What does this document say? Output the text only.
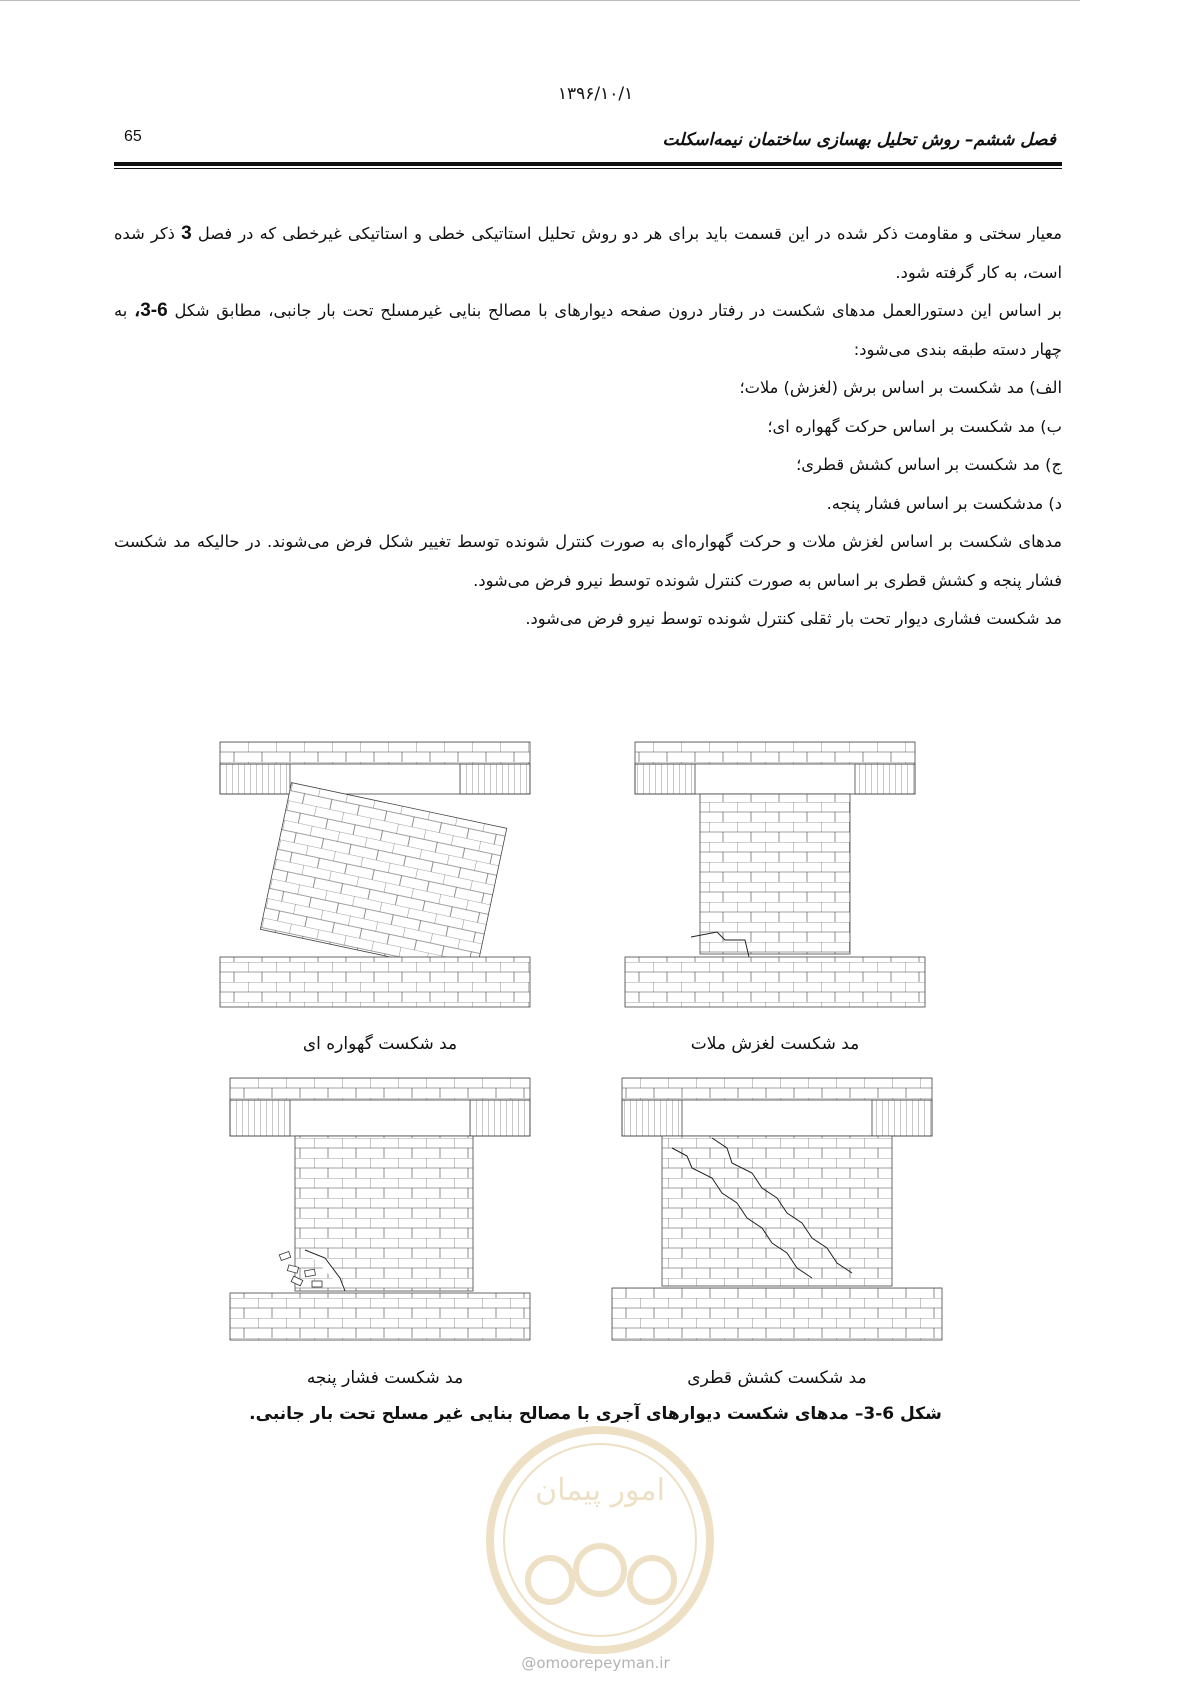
۱۳۹۶/۱۰/۱
65	فصل ششم– روش تحلیل بهسازی ساختمان نیمه‌اسکلت

معیار سختی و مقاومت ذکر شده در این قسمت باید برای هر دو روش تحلیل استاتیکی خطی و استاتیکی غیرخطی که در فصل 3 ذکر شده است، به کار گرفته شود.

بر اساس این دستورالعمل مدهای شکست در رفتار درون صفحه دیوارهای با مصالح بنایی غیرمسلح تحت بار جانبی، مطابق شکل 6-3، به چهار دسته طبقه بندی می‌شود:

الف) مد شکست بر اساس برش (لغزش) ملات؛

ب) مد شکست بر اساس حرکت گهواره ای؛

ج) مد شکست بر اساس کشش قطری؛

د) مدشکست بر اساس فشار پنجه.

مدهای شکست بر اساس لغزش ملات و حرکت گهواره‌ای به صورت کنترل شونده توسط تغییر شکل فرض می‌شوند. در حالیکه مد شکست فشار پنجه و کشش قطری بر اساس به صورت کنترل شونده توسط نیرو فرض می‌شود.

مد شکست فشاری دیوار تحت بار ثقلی کنترل شونده توسط نیرو فرض می‌شود.

مد شکست لغزش ملات
مد شکست گهواره ای
مد شکست کشش قطری
مد شکست فشار پنجه
شکل 6-3– مدهای شکست دیوارهای آجری با مصالح بنایی غیر مسلح تحت بار جانبی.
امور پیمان
@omoorepeyman.ir
